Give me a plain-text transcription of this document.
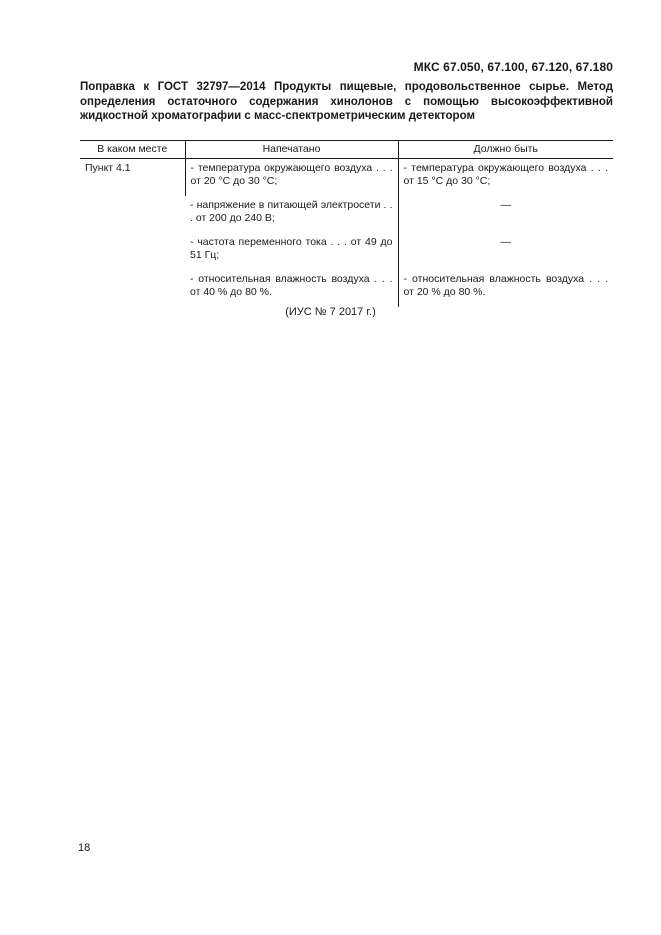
МКС 67.050, 67.100, 67.120, 67.180
Поправка к ГОСТ 32797—2014 Продукты пищевые, продовольственное сырье. Метод определения остаточного содержания хинолонов с помощью высокоэффективной жидкостной хроматографии с масс-спектрометрическим детектором
В каком месте	Напечатано	Должно быть
Пункт 4.1	- температура окружающего воздуха . . . от 20 °С до 30 °С;	- температура окружающего воздуха . . . от 15 °С до 30 °С;
	- напряжение в питающей электросети . . . от 200 до 240 В;	—
	- частота переменного тока . . . от 49 до 51 Гц;	—
	- относительная влажность воздуха . . . от 40 % до 80 %.	- относительная влажность воздуха . . . от 20 % до 80 %.
(ИУС № 7 2017 г.)
18
